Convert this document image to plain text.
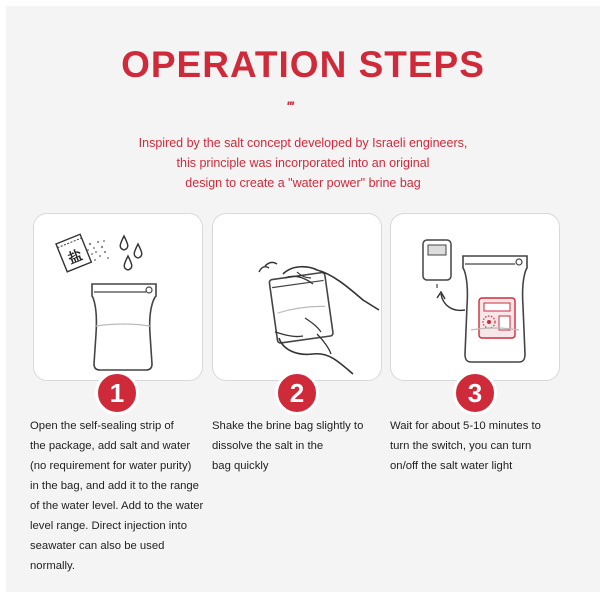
OPERATION STEPS
'''
Inspired by the salt concept developed by Israeli engineers,
this principle was incorporated into an original
design to create a "water power" brine bag
盐
1	2	3
Open the self-sealing strip of
the package, add salt and water
(no requirement for water purity)
in the bag, and add it to the range
of the water level. Add to the water
level range. Direct injection into
seawater can also be used
normally.
Shake the brine bag slightly to
dissolve the salt in the
bag quickly
Wait for about 5-10 minutes to
turn the switch, you can turn
on/off the salt water light
